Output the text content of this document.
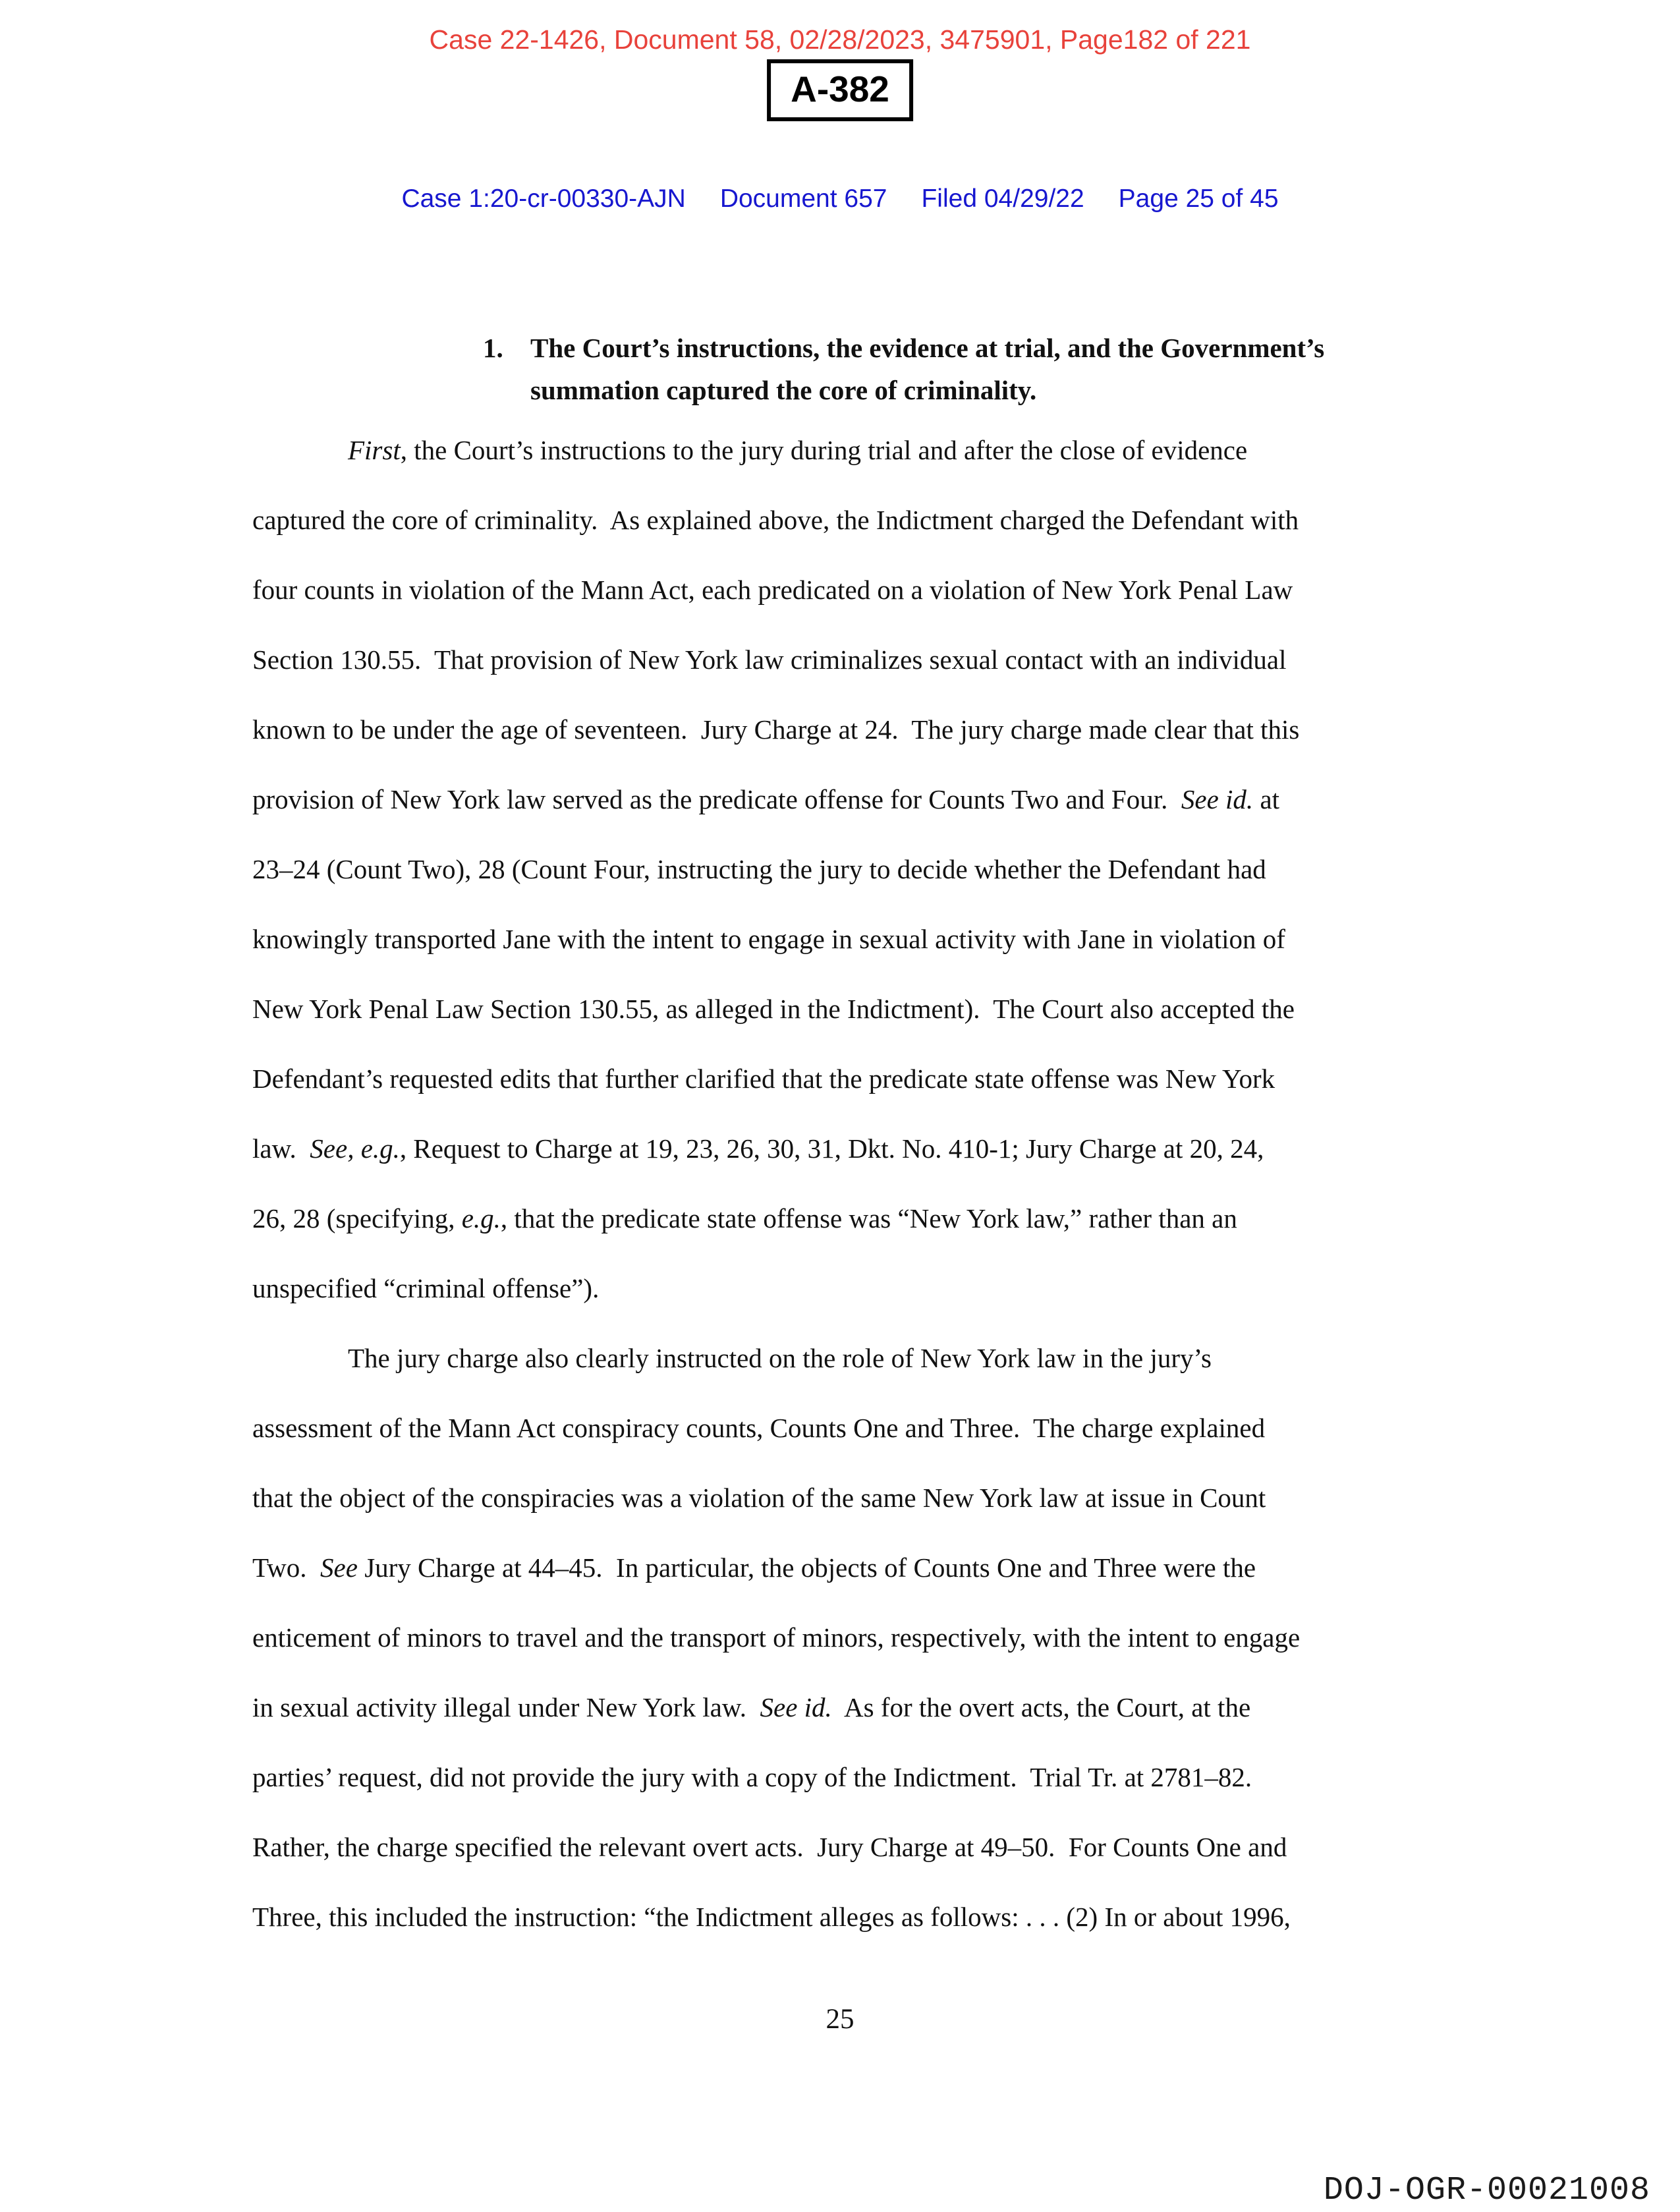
Case 22-1426, Document 58, 02/28/2023, 3475901, Page182 of 221
A-382
Case 1:20-cr-00330-AJN Document 657 Filed 04/29/22 Page 25 of 45
1.	The Court’s instructions, the evidence at trial, and the Government’s
summation captured the core of criminality.
First, the Court’s instructions to the jury during trial and after the close of evidence
captured the core of criminality.  As explained above, the Indictment charged the Defendant with
four counts in violation of the Mann Act, each predicated on a violation of New York Penal Law
Section 130.55.  That provision of New York law criminalizes sexual contact with an individual
known to be under the age of seventeen.  Jury Charge at 24.  The jury charge made clear that this
provision of New York law served as the predicate offense for Counts Two and Four.  See id. at
23–24 (Count Two), 28 (Count Four, instructing the jury to decide whether the Defendant had
knowingly transported Jane with the intent to engage in sexual activity with Jane in violation of
New York Penal Law Section 130.55, as alleged in the Indictment).  The Court also accepted the
Defendant’s requested edits that further clarified that the predicate state offense was New York
law.  See, e.g., Request to Charge at 19, 23, 26, 30, 31, Dkt. No. 410-1; Jury Charge at 20, 24,
26, 28 (specifying, e.g., that the predicate state offense was “New York law,” rather than an
unspecified “criminal offense”).
The jury charge also clearly instructed on the role of New York law in the jury’s
assessment of the Mann Act conspiracy counts, Counts One and Three.  The charge explained
that the object of the conspiracies was a violation of the same New York law at issue in Count
Two.  See Jury Charge at 44–45.  In particular, the objects of Counts One and Three were the
enticement of minors to travel and the transport of minors, respectively, with the intent to engage
in sexual activity illegal under New York law.  See id.  As for the overt acts, the Court, at the
parties’ request, did not provide the jury with a copy of the Indictment.  Trial Tr. at 2781–82.
Rather, the charge specified the relevant overt acts.  Jury Charge at 49–50.  For Counts One and
Three, this included the instruction: “the Indictment alleges as follows: . . . (2) In or about 1996,
25
DOJ-OGR-00021008
